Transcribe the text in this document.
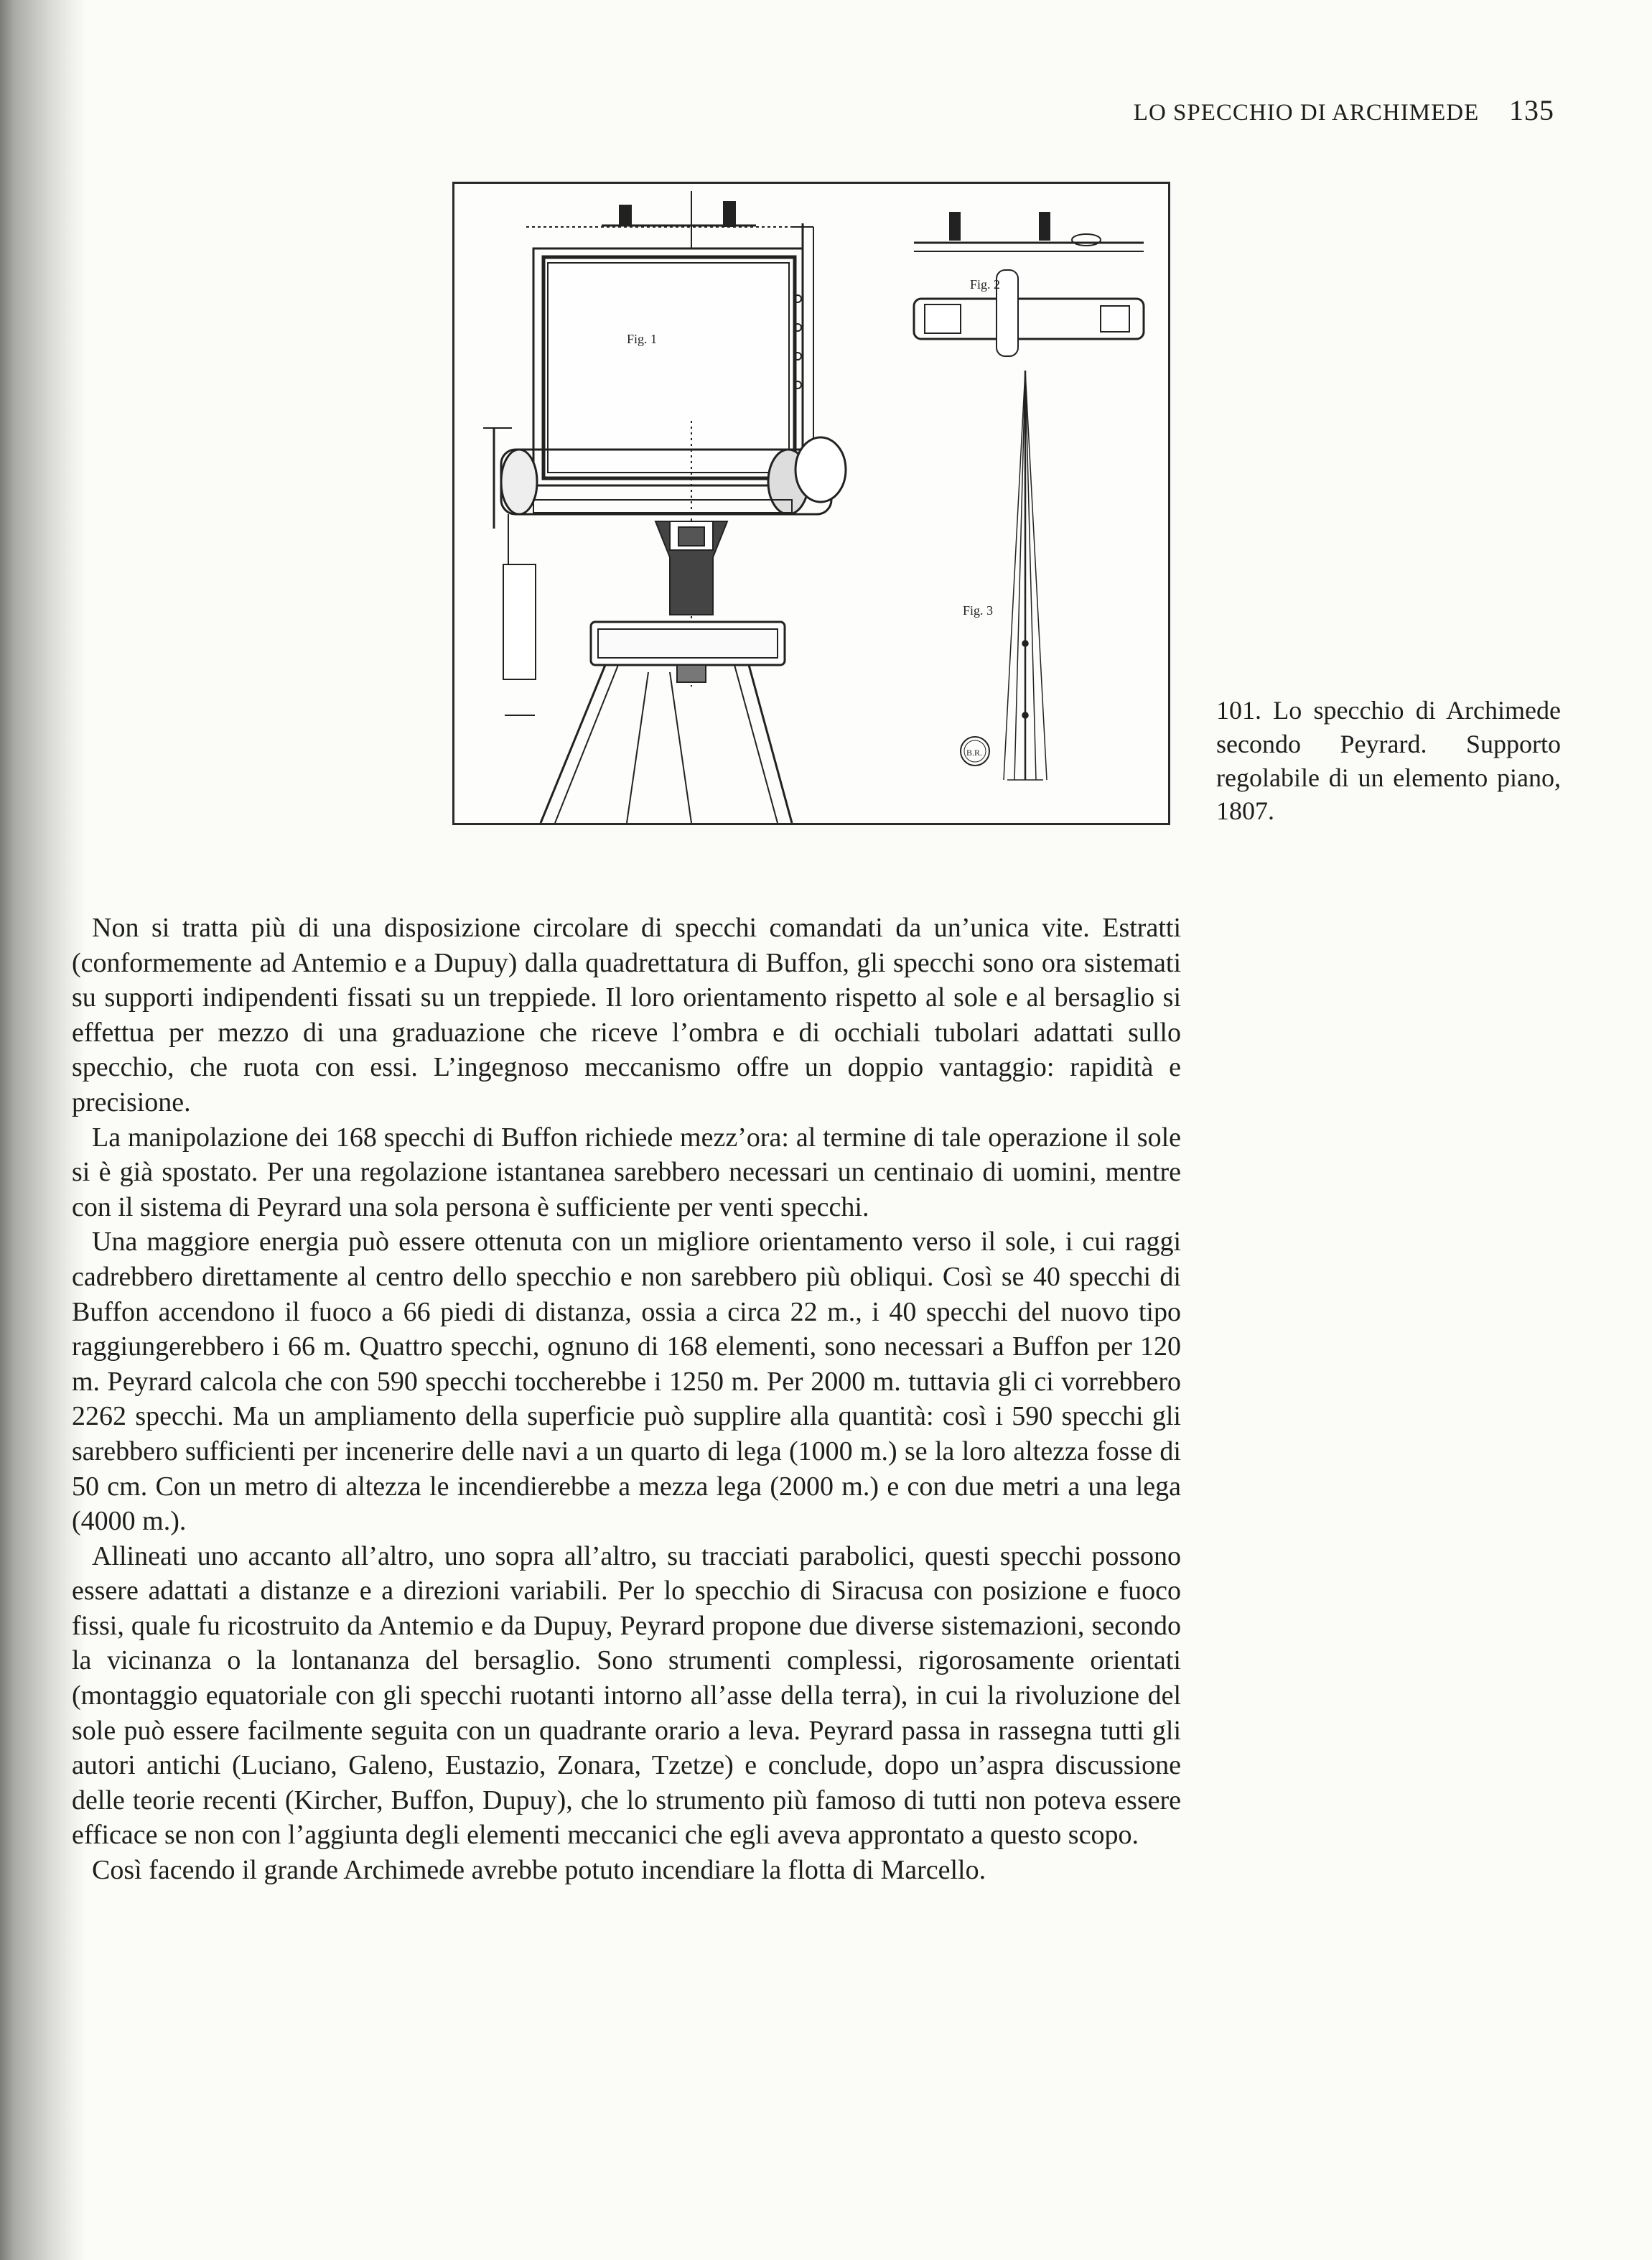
LO SPECCHIO DI ARCHIMEDE 135
Fig. 1
Fig. 2
Fig. 3
B.R.
101. Lo specchio di Archimede secondo Peyrard. Supporto regolabile di un elemento piano, 1807.

Non si tratta più di una disposizione circolare di specchi comandati da un’unica vite. Estratti (conformemente ad Antemio e a Dupuy) dalla quadrettatura di Buffon, gli specchi sono ora sistemati su supporti indipendenti fissati su un treppiede. Il loro orientamento rispetto al sole e al bersaglio si effettua per mezzo di una graduazione che riceve l’ombra e di occhiali tubolari adattati sullo specchio, che ruota con essi. L’ingegnoso meccanismo offre un doppio vantaggio: rapidità e precisione.

La manipolazione dei 168 specchi di Buffon richiede mezz’ora: al termine di tale operazione il sole si è già spostato. Per una regolazione istantanea sarebbero necessari un centinaio di uomini, mentre con il sistema di Peyrard una sola persona è sufficiente per venti specchi.

Una maggiore energia può essere ottenuta con un migliore orientamento verso il sole, i cui raggi cadrebbero direttamente al centro dello specchio e non sarebbero più obliqui. Così se 40 specchi di Buffon accendono il fuoco a 66 piedi di distanza, ossia a circa 22 m., i 40 specchi del nuovo tipo raggiungerebbero i 66 m. Quattro specchi, ognuno di 168 elementi, sono necessari a Buffon per 120 m. Peyrard calcola che con 590 specchi toccherebbe i 1250 m. Per 2000 m. tuttavia gli ci vorrebbero 2262 specchi. Ma un ampliamento della superficie può supplire alla quantità: così i 590 specchi gli sarebbero sufficienti per incenerire delle navi a un quarto di lega (1000 m.) se la loro altezza fosse di 50 cm. Con un metro di altezza le incendierebbe a mezza lega (2000 m.) e con due metri a una lega (4000 m.).

Allineati uno accanto all’altro, uno sopra all’altro, su tracciati parabolici, questi specchi possono essere adattati a distanze e a direzioni variabili. Per lo specchio di Siracusa con posizione e fuoco fissi, quale fu ricostruito da Antemio e da Dupuy, Peyrard propone due diverse sistemazioni, secondo la vicinanza o la lontananza del bersaglio. Sono strumenti complessi, rigorosamente orientati (montaggio equatoriale con gli specchi ruotanti intorno all’asse della terra), in cui la rivoluzione del sole può essere facilmente seguita con un quadrante orario a leva. Peyrard passa in rassegna tutti gli autori antichi (Luciano, Galeno, Eustazio, Zonara, Tzetze) e conclude, dopo un’aspra discussione delle teorie recenti (Kircher, Buffon, Dupuy), che lo strumento più famoso di tutti non poteva essere efficace se non con l’aggiunta degli elementi meccanici che egli aveva approntato a questo scopo.

Così facendo il grande Archimede avrebbe potuto incendiare la flotta di Marcello.
